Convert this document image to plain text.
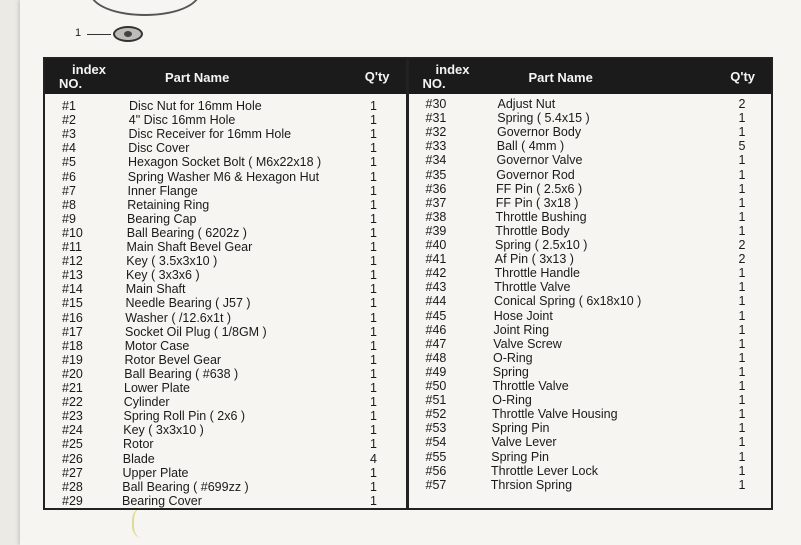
1
index
NO.	Part Name	Q'ty
#1	Disc Nut for 16mm Hole	1
#2	4" Disc 16mm Hole	1
#3	Disc Receiver for 16mm Hole	1
#4	Disc Cover	1
#5	Hexagon Socket Bolt ( M6x22x18 )	1
#6	Spring Washer M6 & Hexagon Hut	1
#7	Inner Flange	1
#8	Retaining Ring	1
#9	Bearing Cap	1
#10	Ball Bearing ( 6202z )	1
#11	Main Shaft Bevel Gear	1
#12	Key ( 3.5x3x10 )	1
#13	Key ( 3x3x6 )	1
#14	Main Shaft	1
#15	Needle Bearing ( J57 )	1
#16	Washer ( /12.6x1t )	1
#17	Socket Oil Plug ( 1/8GM )	1
#18	Motor Case	1
#19	Rotor Bevel Gear	1
#20	Ball Bearing ( #638 )	1
#21	Lower Plate	1
#22	Cylinder	1
#23	Spring Roll Pin ( 2x6 )	1
#24	Key ( 3x3x10 )	1
#25	Rotor	1
#26	Blade	4
#27	Upper Plate	1
#28	Ball Bearing ( #699zz )	1
#29	Bearing Cover	1
index
NO.	Part Name	Q'ty
#30	Adjust Nut	2
#31	Spring ( 5.4x15 )	1
#32	Governor Body	1
#33	Ball ( 4mm )	5
#34	Governor Valve	1
#35	Governor Rod	1
#36	FF Pin ( 2.5x6 )	1
#37	FF Pin ( 3x18 )	1
#38	Throttle Bushing	1
#39	Throttle Body	1
#40	Spring ( 2.5x10 )	2
#41	Af Pin ( 3x13 )	2
#42	Throttle Handle	1
#43	Throttle Valve	1
#44	Conical Spring ( 6x18x10 )	1
#45	Hose Joint	1
#46	Joint Ring	1
#47	Valve Screw	1
#48	O-Ring	1
#49	Spring	1
#50	Throttle Valve	1
#51	O-Ring	1
#52	Throttle Valve Housing	1
#53	Spring Pin	1
#54	Valve Lever	1
#55	Spring Pin	1
#56	Throttle Lever Lock	1
#57	Thrsion Spring	1
